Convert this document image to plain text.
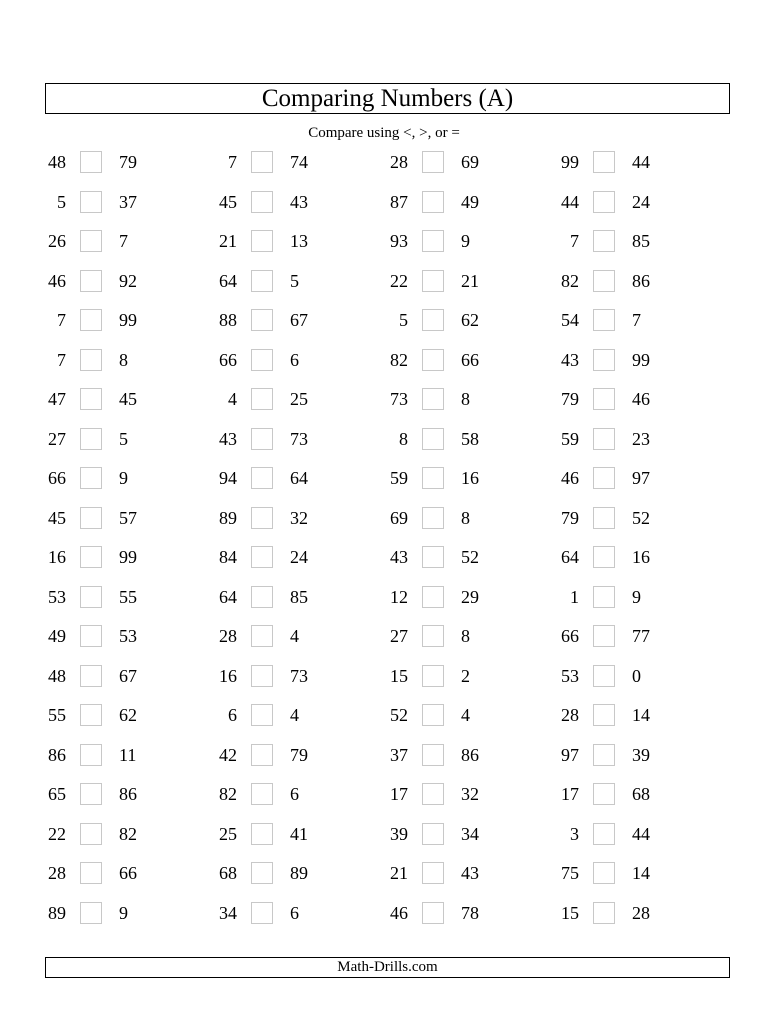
Comparing Numbers (A)
Compare using <, >, or =
48	79	7	74	28	69	99	44
5	37	45	43	87	49	44	24
26	7	21	13	93	9	7	85
46	92	64	5	22	21	82	86
7	99	88	67	5	62	54	7
7	8	66	6	82	66	43	99
47	45	4	25	73	8	79	46
27	5	43	73	8	58	59	23
66	9	94	64	59	16	46	97
45	57	89	32	69	8	79	52
16	99	84	24	43	52	64	16
53	55	64	85	12	29	1	9
49	53	28	4	27	8	66	77
48	67	16	73	15	2	53	0
55	62	6	4	52	4	28	14
86	11	42	79	37	86	97	39
65	86	82	6	17	32	17	68
22	82	25	41	39	34	3	44
28	66	68	89	21	43	75	14
89	9	34	6	46	78	15	28
Math-Drills.com
